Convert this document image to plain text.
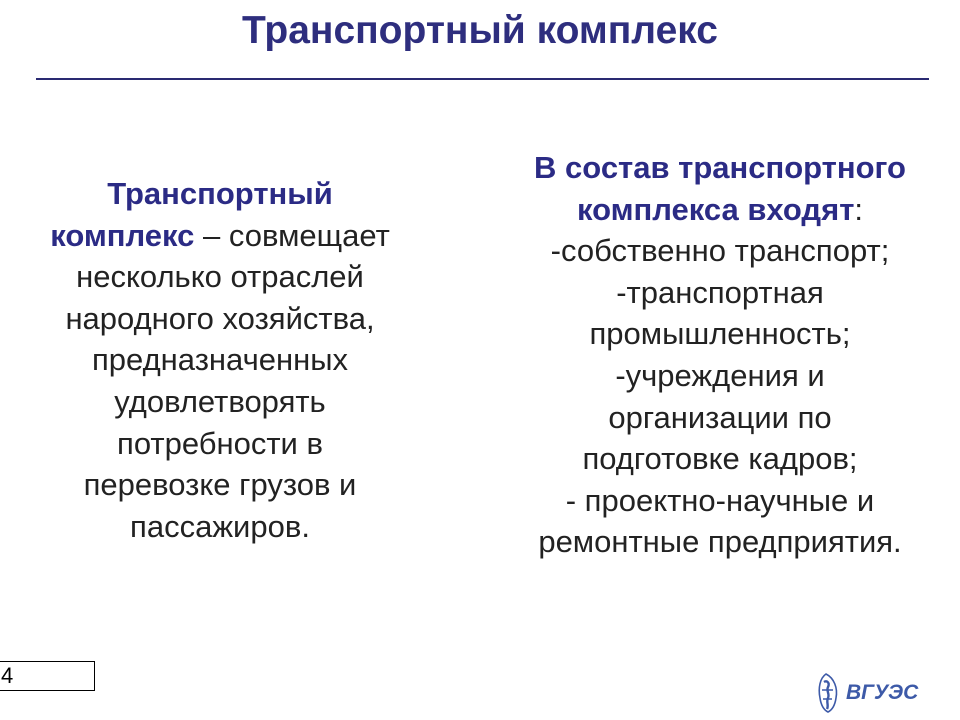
Транспортный комплекс
Транспортный
комплекс – совмещает
несколько отраслей
народного хозяйства,
предназначенных
удовлетворять
потребности в
перевозке грузов и
пассажиров.
В состав транспортного
комплекса входят:
-собственно транспорт;
-транспортная
промышленность;
-учреждения и
организации по
подготовке кадров;
- проектно-научные и
ремонтные предприятия.
4
ВГУЭС
